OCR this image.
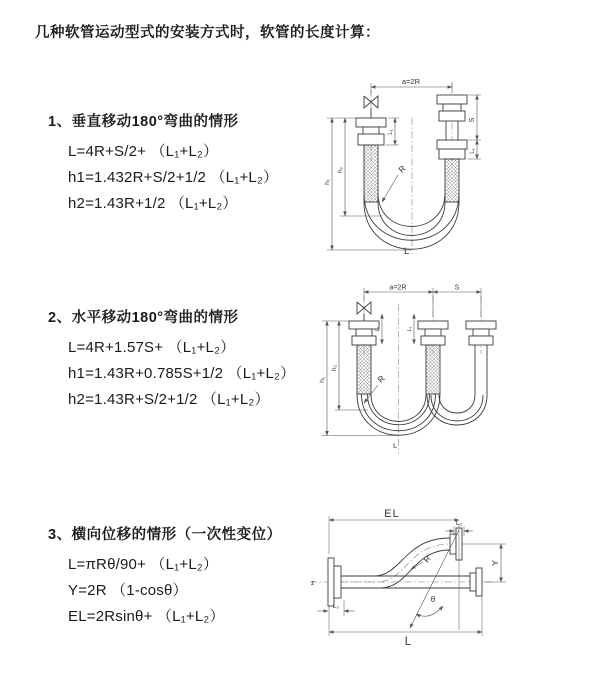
几种软管运动型式的安装方式时，软管的长度计算：
1、垂直移动180°弯曲的情形
L=4R+S/2+ （L₁+L₂）
h1=1.432R+S/2+1/2 （L₁+L₂）
h2=1.43R+1/2 （L₁+L₂）
2、水平移动180°弯曲的情形
L=4R+1.57S+ （L₁+L₂）
h1=1.43R+0.785S+1/2 （L₁+L₂）
h2=1.43R+S/2+1/2 （L₁+L₂）
3、横向位移的情形（一次性变位）
L=πRθ/90+ （L₁+L₂）
Y=2R （1-cosθ）
EL=2Rsinθ+ （L₁+L₂）
a=2R
S
L₁
L₁
h₁
h₂	R
L
a=2R	S
L₁	L₁
h₁
h₂
R
L
θ
EL
L₁
Y
L
L₂
R
z
